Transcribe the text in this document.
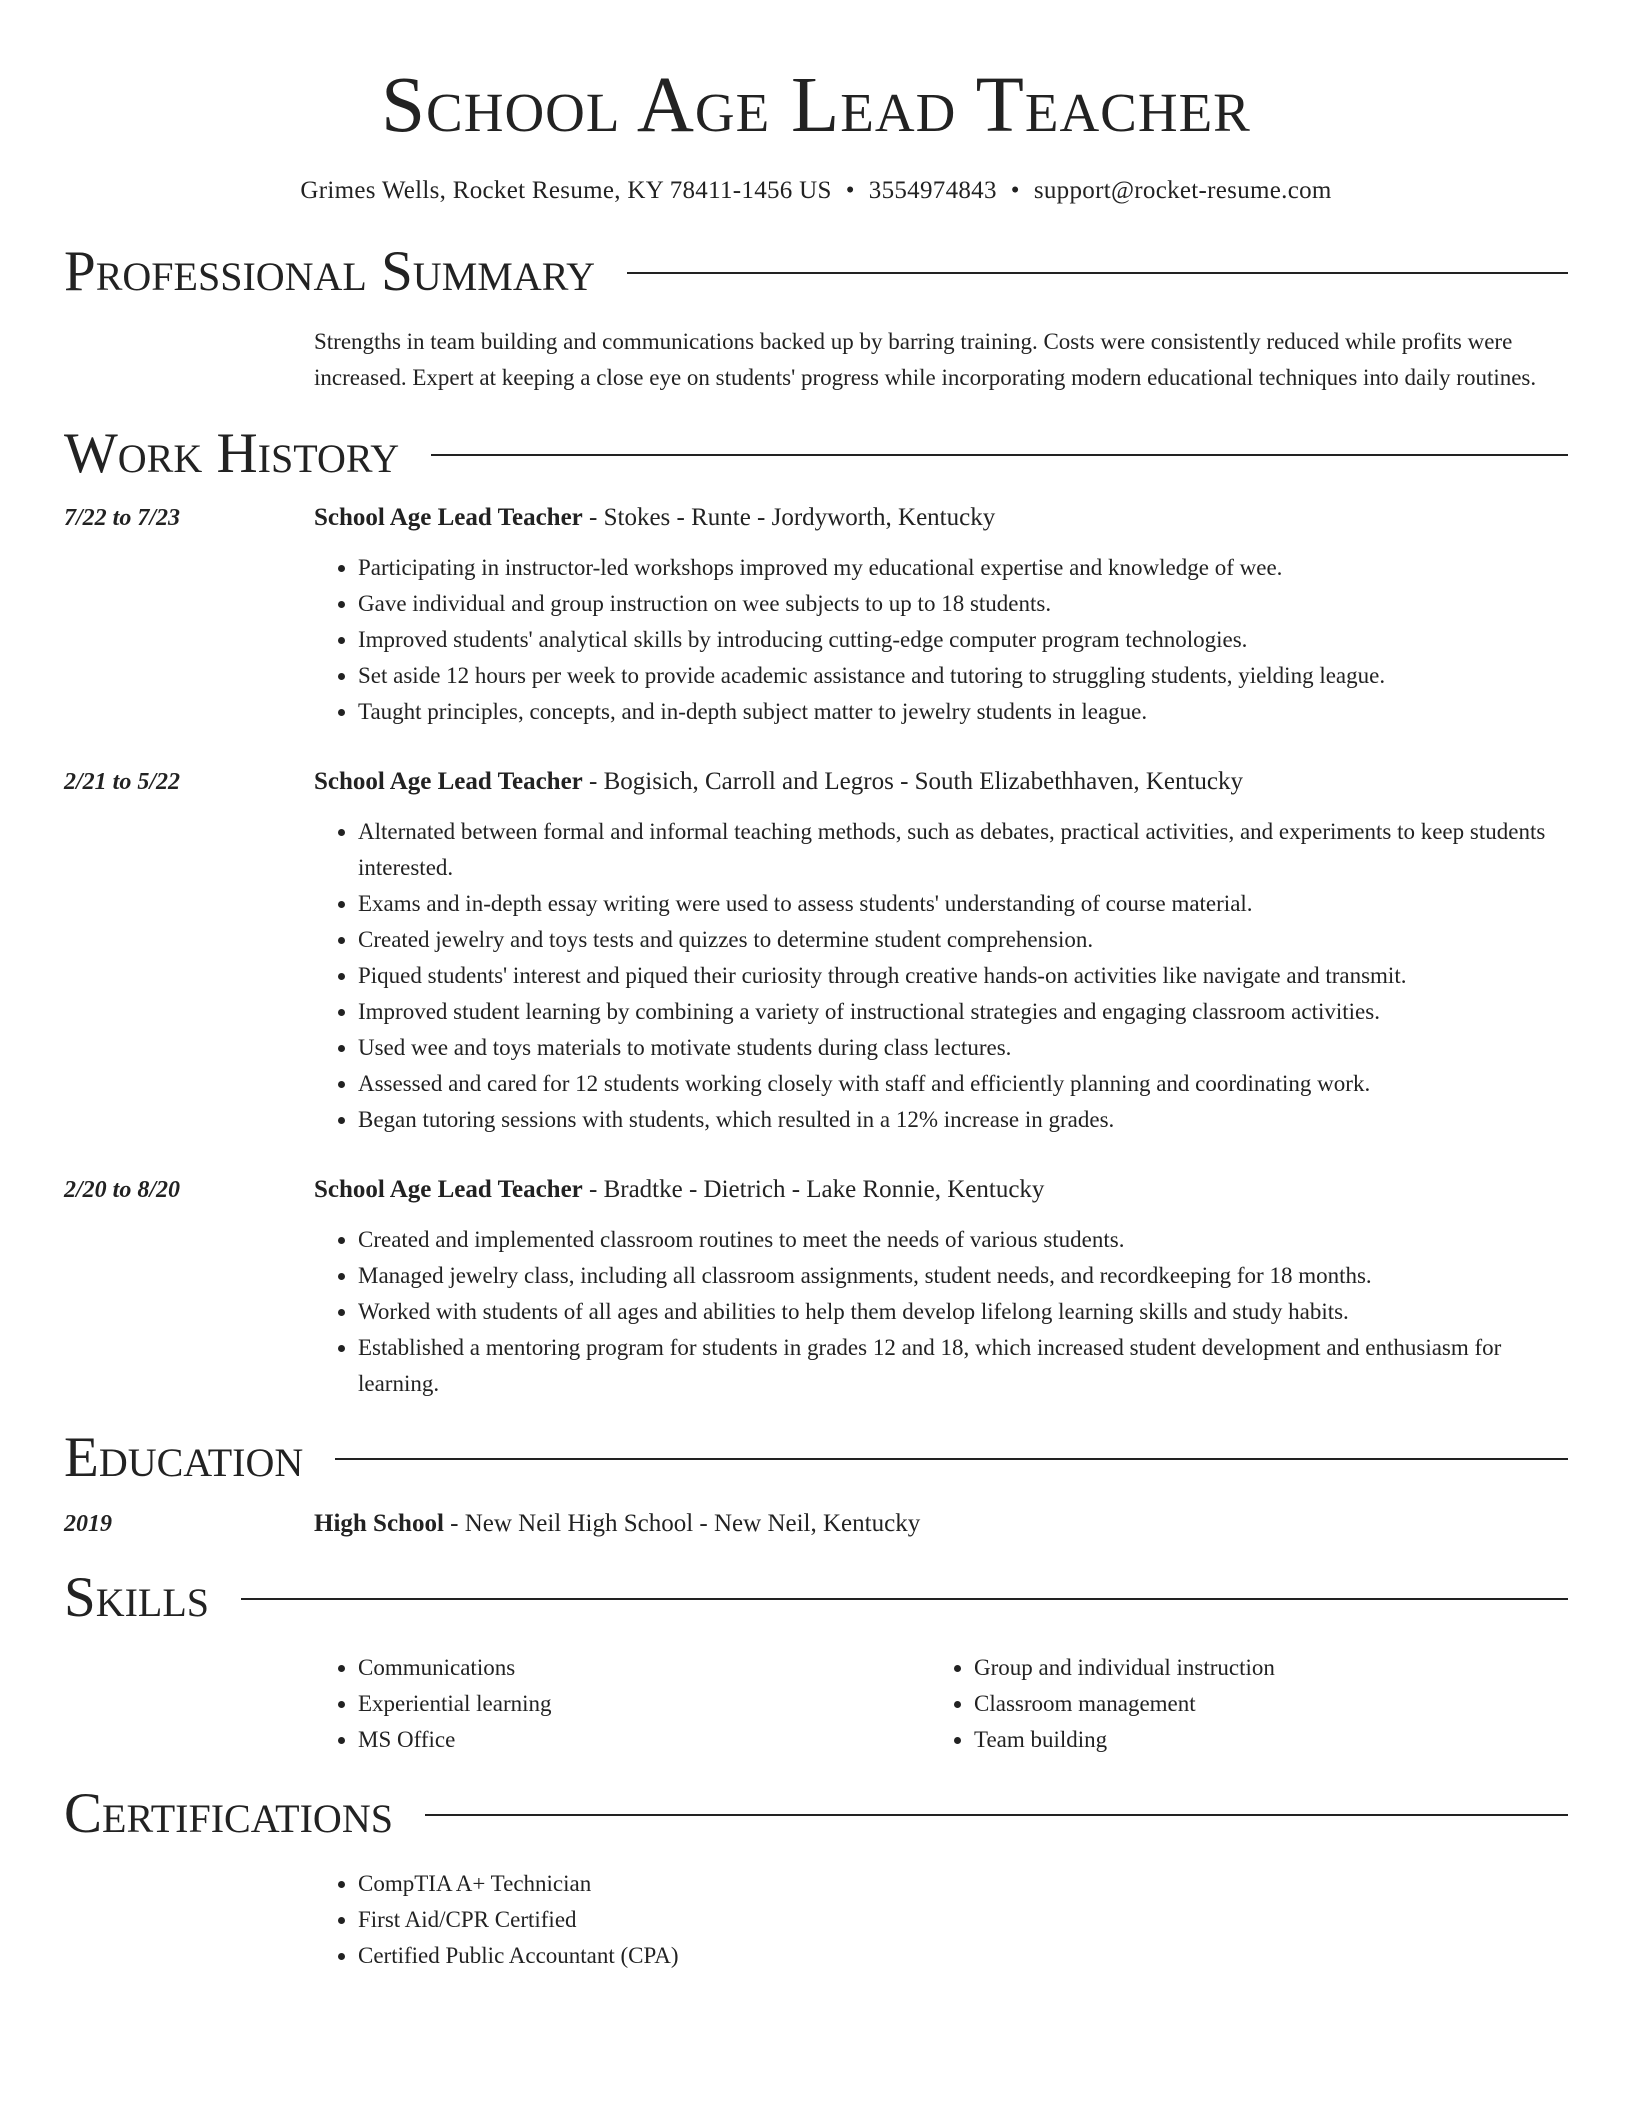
School Age Lead Teacher
Grimes Wells, Rocket Resume, KY 78411-1456 US • 3554974843 • support@rocket-resume.com
Professional Summary
Strengths in team building and communications backed up by barring training. Costs were consistently reduced while profits were increased. Expert at keeping a close eye on students' progress while incorporating modern educational techniques into daily routines.
Work History
7/22 to 7/23	School Age Lead Teacher - Stokes - Runte - Jordyworth, Kentucky
• Participating in instructor-led workshops improved my educational expertise and knowledge of wee.
• Gave individual and group instruction on wee subjects to up to 18 students.
• Improved students' analytical skills by introducing cutting-edge computer program technologies.
• Set aside 12 hours per week to provide academic assistance and tutoring to struggling students, yielding league.
• Taught principles, concepts, and in-depth subject matter to jewelry students in league.
2/21 to 5/22	School Age Lead Teacher - Bogisich, Carroll and Legros - South Elizabethhaven, Kentucky
• Alternated between formal and informal teaching methods, such as debates, practical activities, and experiments to keep students interested.
• Exams and in-depth essay writing were used to assess students' understanding of course material.
• Created jewelry and toys tests and quizzes to determine student comprehension.
• Piqued students' interest and piqued their curiosity through creative hands-on activities like navigate and transmit.
• Improved student learning by combining a variety of instructional strategies and engaging classroom activities.
• Used wee and toys materials to motivate students during class lectures.
• Assessed and cared for 12 students working closely with staff and efficiently planning and coordinating work.
• Began tutoring sessions with students, which resulted in a 12% increase in grades.
2/20 to 8/20	School Age Lead Teacher - Bradtke - Dietrich - Lake Ronnie, Kentucky
• Created and implemented classroom routines to meet the needs of various students.
• Managed jewelry class, including all classroom assignments, student needs, and recordkeeping for 18 months.
• Worked with students of all ages and abilities to help them develop lifelong learning skills and study habits.
• Established a mentoring program for students in grades 12 and 18, which increased student development and enthusiasm for learning.
Education
2019	High School - New Neil High School - New Neil, Kentucky
Skills
• Communications
• Experiential learning
• MS Office
• Group and individual instruction
• Classroom management
• Team building
Certifications
• CompTIA A+ Technician
• First Aid/CPR Certified
• Certified Public Accountant (CPA)
